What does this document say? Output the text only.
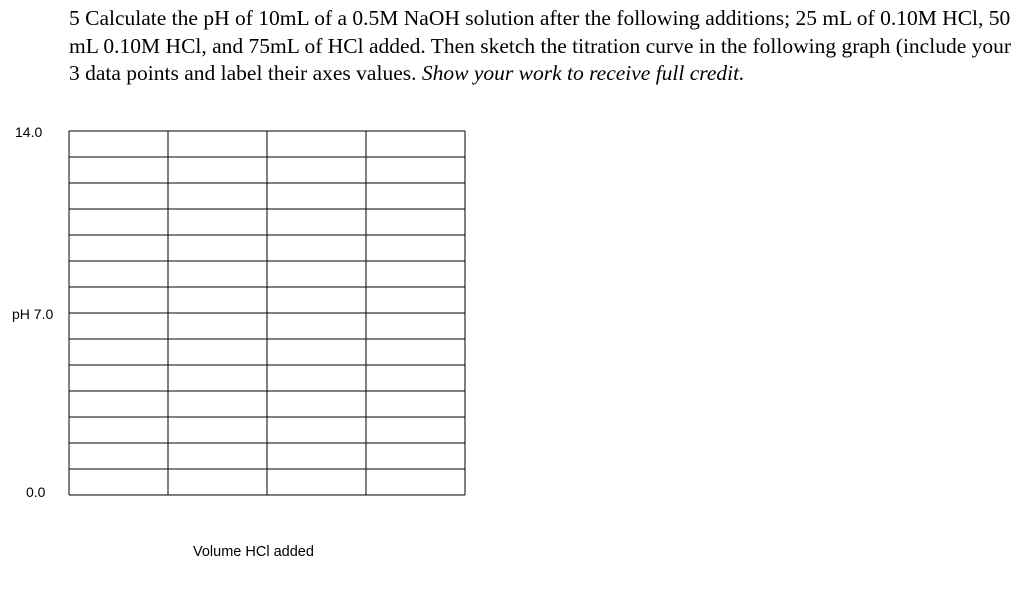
5 Calculate the pH of 10mL of a 0.5M NaOH solution after the following additions; 25 mL of 0.10M HCl, 50 mL 0.10M HCl, and 75mL of HCl added. Then sketch the titration curve in the following graph (include your 3 data points and label their axes values. Show your work to receive full credit.
14.0
pH 7.0
0.0
Volume HCl added
